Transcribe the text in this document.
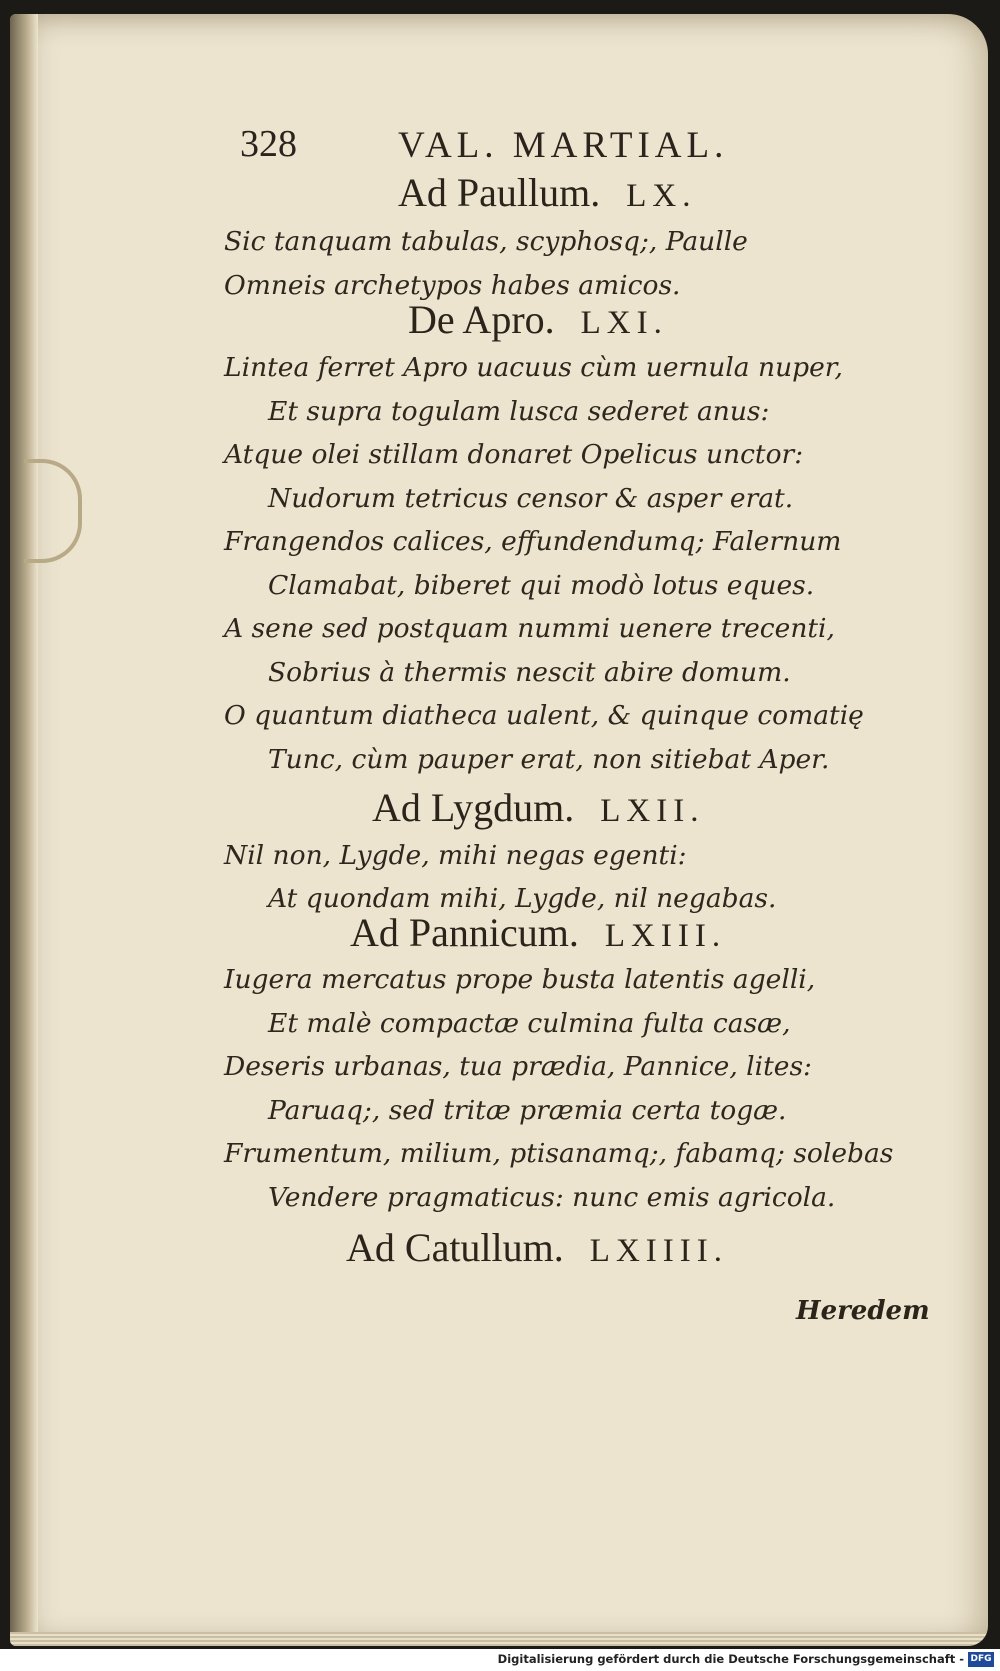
328	VAL. MARTIAL.
Ad Paullum. LX.
Sic tanquam tabulas, scyphosq;, Paulle
Omneis archetypos habes amicos.
De Apro. LXI.
Lintea ferret Apro uacuus cùm uernula nuper,
Et supra togulam lusca sederet anus:
Atque olei stillam donaret Opelicus unctor:
Nudorum tetricus censor & asper erat.
Frangendos calices, effundendumq; Falernum
Clamabat, biberet qui modò lotus eques.
A sene sed postquam nummi uenere trecenti,
Sobrius à thermis nescit abire domum.
O quantum diatheca ualent, & quinque comatię
Tunc, cùm pauper erat, non sitiebat Aper.
Ad Lygdum. LXII.
Nil non, Lygde, mihi negas egenti:
At quondam mihi, Lygde, nil negabas.
Ad Pannicum. LXIII.
Iugera mercatus prope busta latentis agelli,
Et malè compactæ culmina fulta casæ,
Deseris urbanas, tua prædia, Pannice, lites:
Paruaq;, sed tritæ præmia certa togæ.
Frumentum, milium, ptisanamq;, fabamq; solebas
Vendere pragmaticus: nunc emis agricola.
Ad Catullum. LXIIII.
Heredem
Digitalisierung gefördert durch die Deutsche Forschungsgemeinschaft - DFG
